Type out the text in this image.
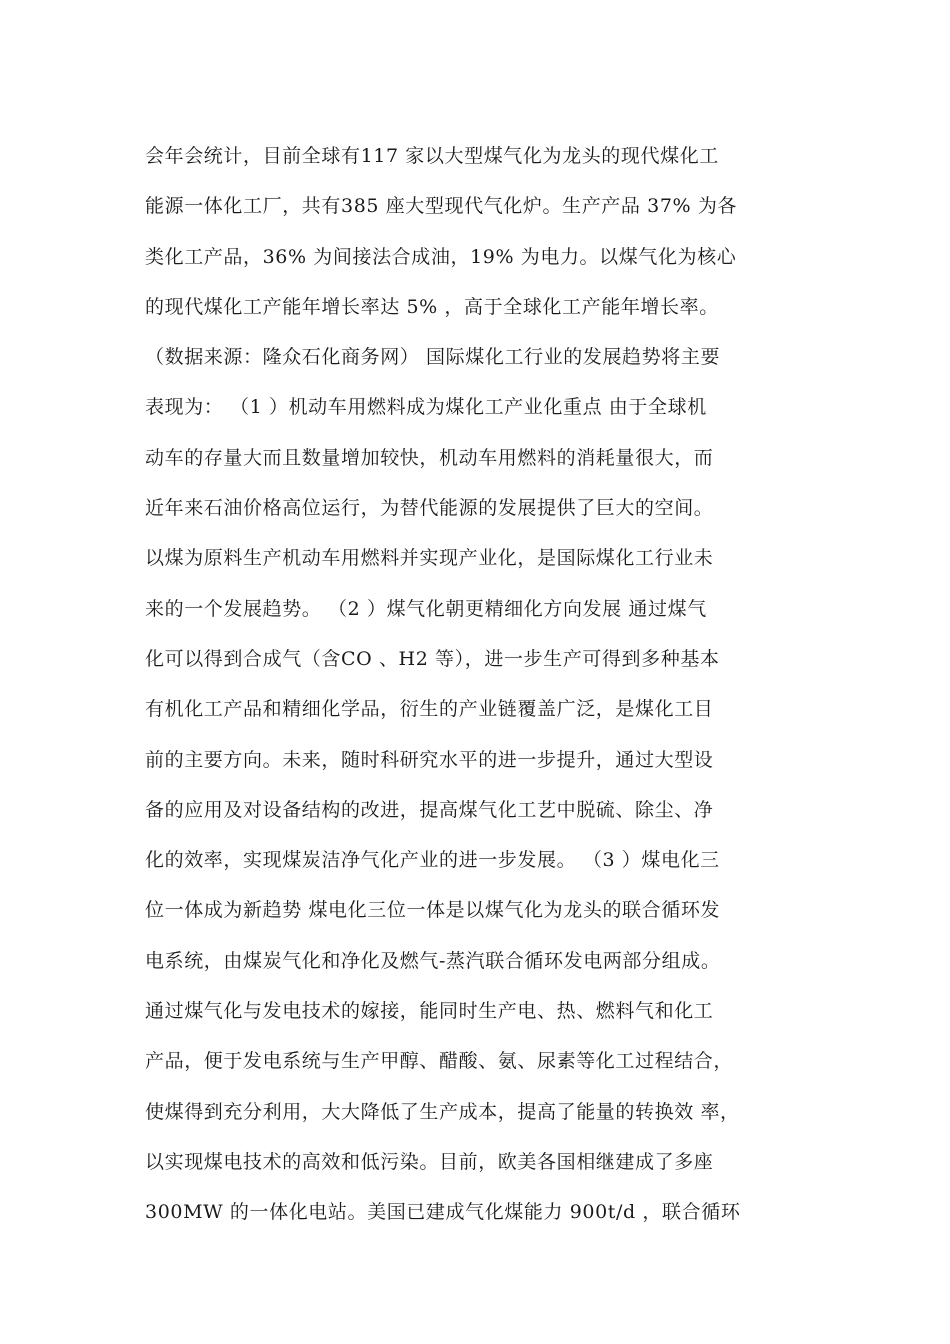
会年会统计，目前全球有117 家以大型煤气化为龙头的现代煤化工
能源一体化工厂，共有385 座大型现代气化炉。生产产品 37% 为各
类化工产品，36% 为间接法合成油，19% 为电力。以煤气化为核心
的现代煤化工产能年增长率达 5% ，高于全球化工产能年增长率。
（数据来源：隆众石化商务网） 国际煤化工行业的发展趋势将主要
表现为： （1 ）机动车用燃料成为煤化工产业化重点 由于全球机
动车的存量大而且数量增加较快，机动车用燃料的消耗量很大，而
近年来石油价格高位运行，为替代能源的发展提供了巨大的空间。
以煤为原料生产机动车用燃料并实现产业化，是国际煤化工行业未
来的一个发展趋势。 （2 ）煤气化朝更精细化方向发展 通过煤气
化可以得到合成气（含CO 、H2 等），进一步生产可得到多种基本
有机化工产品和精细化学品，衍生的产业链覆盖广泛，是煤化工目
前的主要方向。未来，随时科研究水平的进一步提升，通过大型设
备的应用及对设备结构的改进，提高煤气化工艺中脱硫、除尘、净
化的效率，实现煤炭洁净气化产业的进一步发展。 （3 ）煤电化三
位一体成为新趋势 煤电化三位一体是以煤气化为龙头的联合循环发
电系统，由煤炭气化和净化及燃气-蒸汽联合循环发电两部分组成。
通过煤气化与发电技术的嫁接，能同时生产电、热、燃料气和化工
产品，便于发电系统与生产甲醇、醋酸、氨、尿素等化工过程结合，
使煤得到充分利用，大大降低了生产成本，提高了能量的转换效 率，
以实现煤电技术的高效和低污染。目前，欧美各国相继建成了多座
300MW 的一体化电站。美国已建成气化煤能力 900t/d ，联合循环
